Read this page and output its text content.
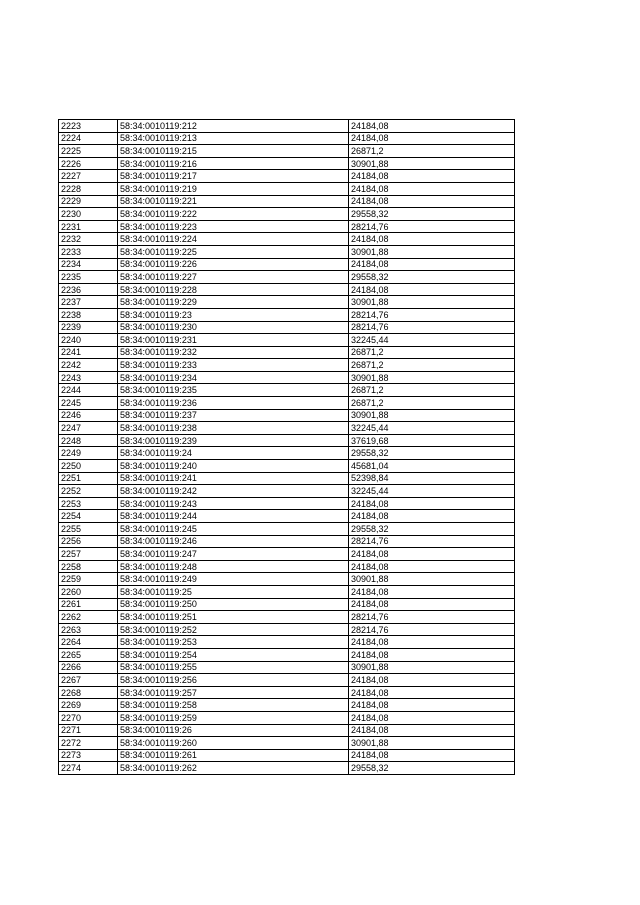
2223	58:34:0010119:212	24184,08
2224	58:34:0010119:213	24184,08
2225	58:34:0010119:215	26871,2
2226	58:34:0010119:216	30901,88
2227	58:34:0010119:217	24184,08
2228	58:34:0010119:219	24184,08
2229	58:34:0010119:221	24184,08
2230	58:34:0010119:222	29558,32
2231	58:34:0010119:223	28214,76
2232	58:34:0010119:224	24184,08
2233	58:34:0010119:225	30901,88
2234	58:34:0010119:226	24184,08
2235	58:34:0010119:227	29558,32
2236	58:34:0010119:228	24184,08
2237	58:34:0010119:229	30901,88
2238	58:34:0010119:23	28214,76
2239	58:34:0010119:230	28214,76
2240	58:34:0010119:231	32245,44
2241	58:34:0010119:232	26871,2
2242	58:34:0010119:233	26871,2
2243	58:34:0010119:234	30901,88
2244	58:34:0010119:235	26871,2
2245	58:34:0010119:236	26871,2
2246	58:34:0010119:237	30901,88
2247	58:34:0010119:238	32245,44
2248	58:34:0010119:239	37619,68
2249	58:34:0010119:24	29558,32
2250	58:34:0010119:240	45681,04
2251	58:34:0010119:241	52398,84
2252	58:34:0010119:242	32245,44
2253	58:34:0010119:243	24184,08
2254	58:34:0010119:244	24184,08
2255	58:34:0010119:245	29558,32
2256	58:34:0010119:246	28214,76
2257	58:34:0010119:247	24184,08
2258	58:34:0010119:248	24184,08
2259	58:34:0010119:249	30901,88
2260	58:34:0010119:25	24184,08
2261	58:34:0010119:250	24184,08
2262	58:34:0010119:251	28214,76
2263	58:34:0010119:252	28214,76
2264	58:34:0010119:253	24184,08
2265	58:34:0010119:254	24184,08
2266	58:34:0010119:255	30901,88
2267	58:34:0010119:256	24184,08
2268	58:34:0010119:257	24184,08
2269	58:34:0010119:258	24184,08
2270	58:34:0010119:259	24184,08
2271	58:34:0010119:26	24184,08
2272	58:34:0010119:260	30901,88
2273	58:34:0010119:261	24184,08
2274	58:34:0010119:262	29558,32
